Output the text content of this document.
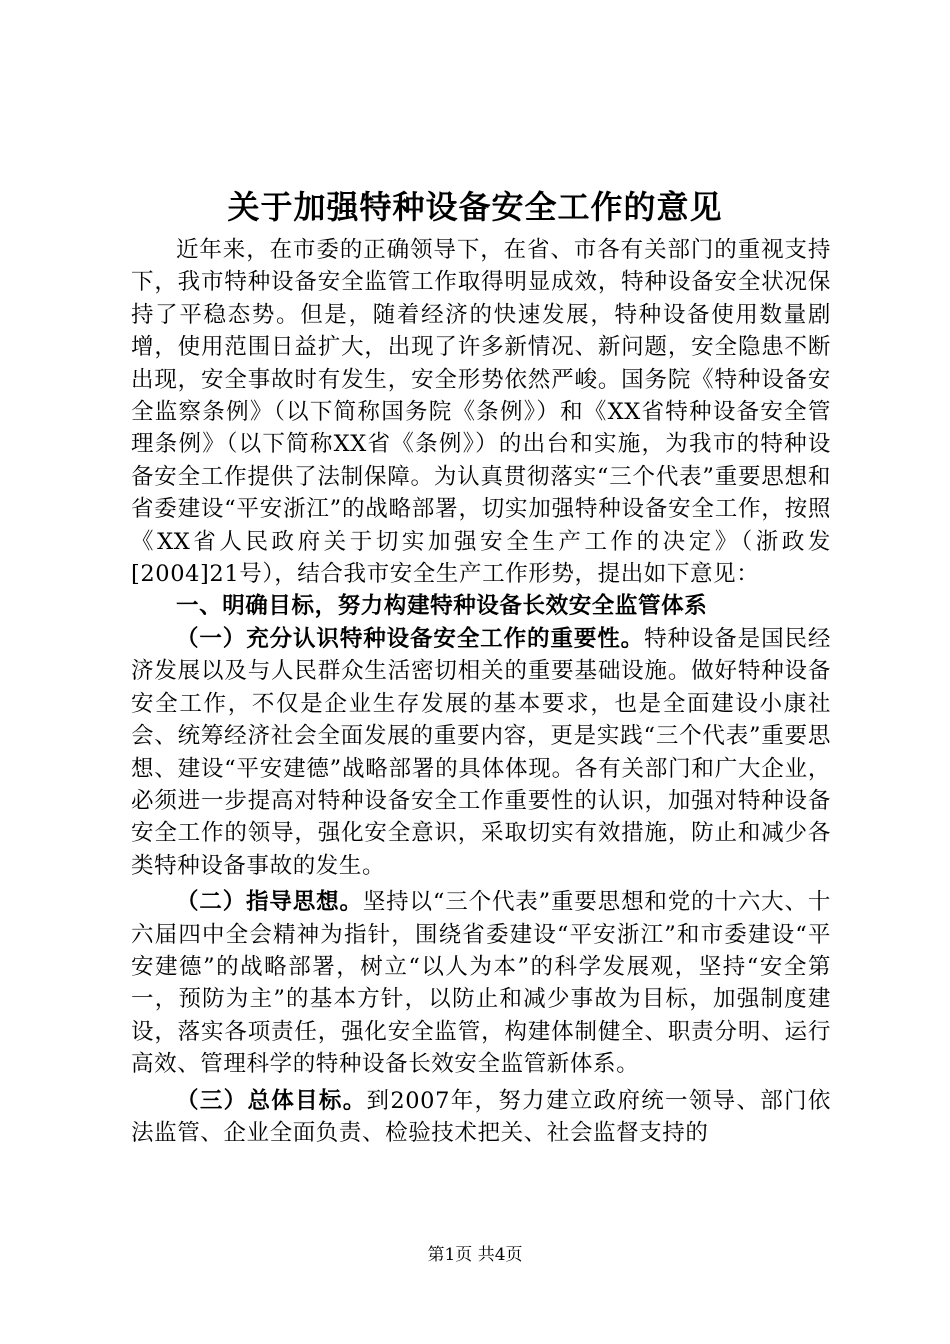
关于加强特种设备安全工作的意见

近年来，在市委的正确领导下，在省、市各有关部门的重视支持下，我市特种设备安全监管工作取得明显成效，特种设备安全状况保持了平稳态势。但是，随着经济的快速发展，特种设备使用数量剧增，使用范围日益扩大，出现了许多新情况、新问题，安全隐患不断出现，安全事故时有发生，安全形势依然严峻。国务院《特种设备安全监察条例》（以下简称国务院《条例》）和《XX省特种设备安全管理条例》（以下简称XX省《条例》）的出台和实施，为我市的特种设备安全工作提供了法制保障。为认真贯彻落实“三个代表”重要思想和省委建设“平安浙江”的战略部署，切实加强特种设备安全工作，按照《XX省人民政府关于切实加强安全生产工作的决定》（浙政发[2004]21号），结合我市安全生产工作形势，提出如下意见：

一、明确目标，努力构建特种设备长效安全监管体系

（一）充分认识特种设备安全工作的重要性。特种设备是国民经济发展以及与人民群众生活密切相关的重要基础设施。做好特种设备安全工作，不仅是企业生存发展的基本要求，也是全面建设小康社会、统筹经济社会全面发展的重要内容，更是实践“三个代表”重要思想、建设“平安建德”战略部署的具体体现。各有关部门和广大企业，必须进一步提高对特种设备安全工作重要性的认识，加强对特种设备安全工作的领导，强化安全意识，采取切实有效措施，防止和减少各类特种设备事故的发生。

（二）指导思想。坚持以“三个代表”重要思想和党的十六大、十六届四中全会精神为指针，围绕省委建设“平安浙江”和市委建设“平安建德”的战略部署，树立“以人为本”的科学发展观，坚持“安全第一，预防为主”的基本方针，以防止和减少事故为目标，加强制度建设，落实各项责任，强化安全监管，构建体制健全、职责分明、运行高效、管理科学的特种设备长效安全监管新体系。

（三）总体目标。到2007年，努力建立政府统一领导、部门依法监管、企业全面负责、检验技术把关、社会监督支持的

第1页 共4页
